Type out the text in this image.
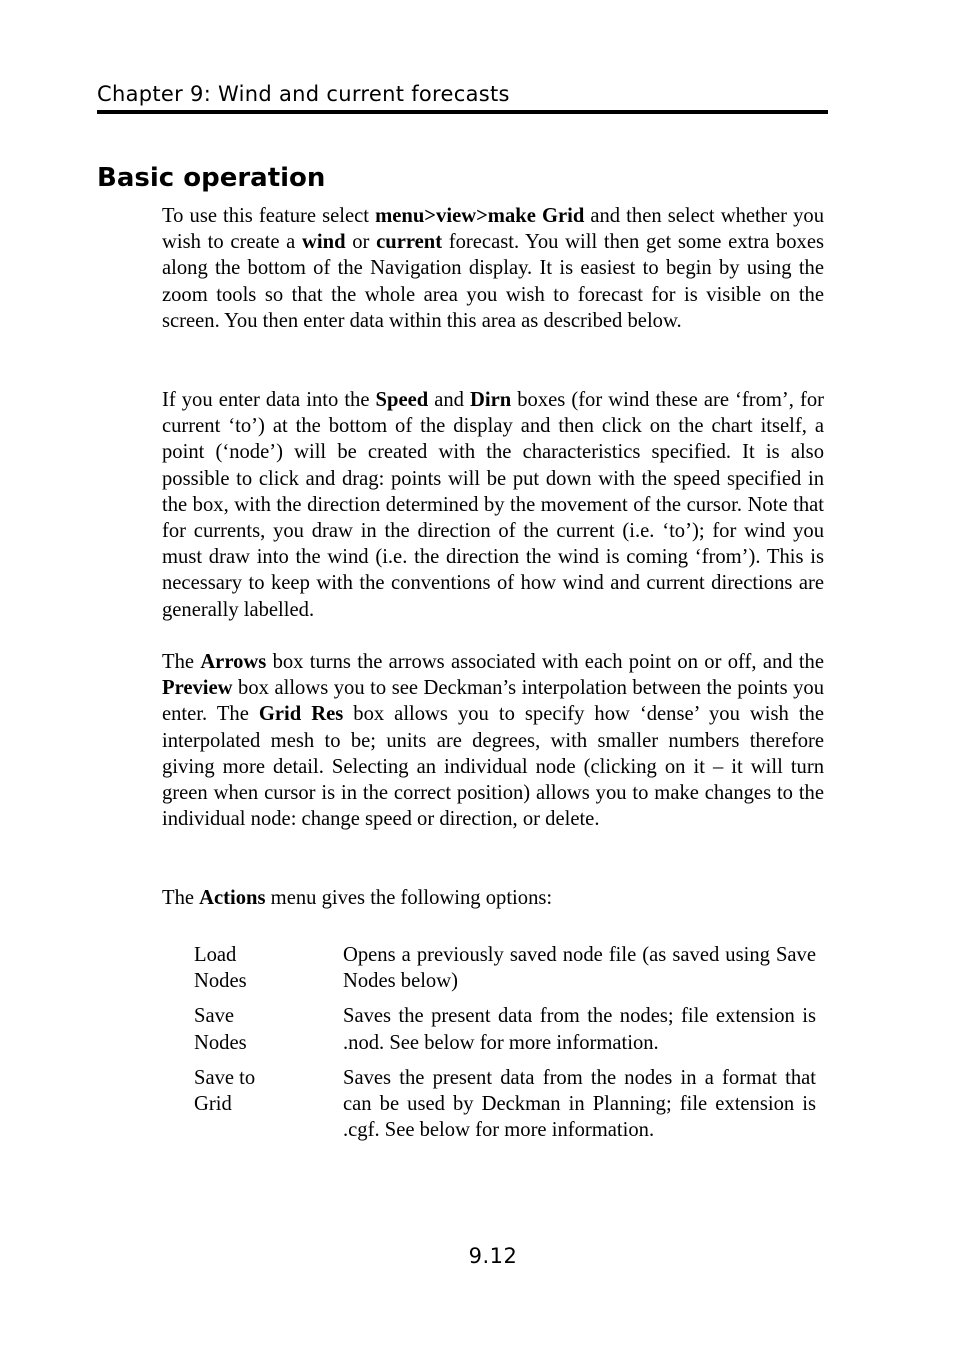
Chapter 9: Wind and current forecasts
Basic operation

To use this feature select menu>view>make Grid and then select whether you wish to create a wind or current forecast. You will then get some extra boxes along the bottom of the Navigation display. It is easiest to begin by using the zoom tools so that the whole area you wish to forecast for is visible on the screen. You then enter data within this area as described below.

If you enter data into the Speed and Dirn boxes (for wind these are ‘from’, for current ‘to’) at the bottom of the display and then click on the chart itself, a point (‘node’) will be created with the characteristics specified. It is also possible to click and drag: points will be put down with the speed specified in the box, with the direction determined by the movement of the cursor. Note that for currents, you draw in the direction of the current (i.e. ‘to’); for wind you must draw into the wind (i.e. the direction the wind is coming ‘from’). This is necessary to keep with the conventions of how wind and current directions are generally labelled.

The Arrows box turns the arrows associated with each point on or off, and the Preview box allows you to see Deckman’s interpolation between the points you enter. The Grid Res box allows you to specify how ‘dense’ you wish the interpolated mesh to be; units are degrees, with smaller numbers therefore giving more detail. Selecting an individual node (clicking on it – it will turn green when cursor is in the correct position) allows you to make changes to the individual node: change speed or direction, or delete.

The Actions menu gives the following options:

Load
Nodes
Opens a previously saved node file (as saved using Save Nodes below)
Save
Nodes
Saves the present data from the nodes; file extension is .nod. See below for more information.
Save to
Grid
Saves the present data from the nodes in a format that can be used by Deckman in Planning; file extension is .cgf. See below for more information.
9.12
